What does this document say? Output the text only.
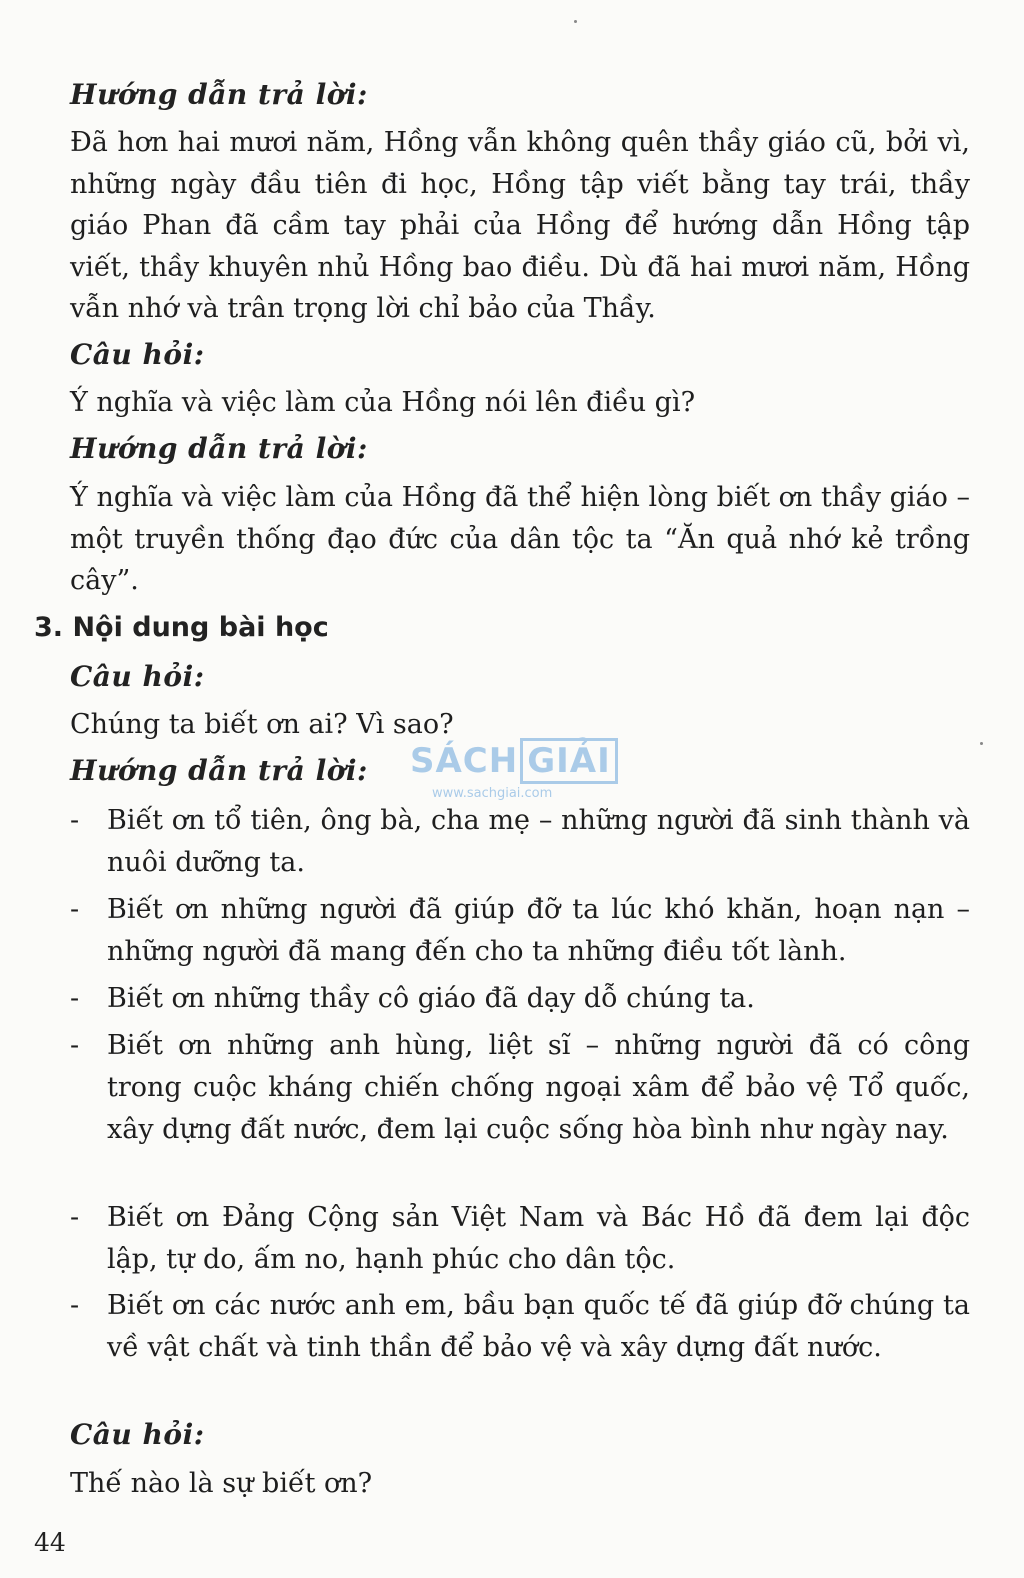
Hướng dẫn trả lời:
Đã hơn hai mươi năm, Hồng vẫn không quên thầy giáo cũ, bởi vì, những ngày đầu tiên đi học, Hồng tập viết bằng tay trái, thầy giáo Phan đã cầm tay phải của Hồng để hướng dẫn Hồng tập viết, thầy khuyên nhủ Hồng bao điều. Dù đã hai mươi năm, Hồng vẫn nhớ và trân trọng lời chỉ bảo của Thầy.
Câu hỏi:
Ý nghĩa và việc làm của Hồng nói lên điều gì?
Hướng dẫn trả lời:
Ý nghĩa và việc làm của Hồng đã thể hiện lòng biết ơn thầy giáo – một truyền thống đạo đức của dân tộc ta “Ăn quả nhớ kẻ trồng cây”.
3. Nội dung bài học
Câu hỏi:
Chúng ta biết ơn ai? Vì sao?
Hướng dẫn trả lời:
-	Biết ơn tổ tiên, ông bà, cha mẹ – những người đã sinh thành và nuôi dưỡng ta.
-	Biết ơn những người đã giúp đỡ ta lúc khó khăn, hoạn nạn – những người đã mang đến cho ta những điều tốt lành.
-	Biết ơn những thầy cô giáo đã dạy dỗ chúng ta.
-	Biết ơn những anh hùng, liệt sĩ – những người đã có công trong cuộc kháng chiến chống ngoại xâm để bảo vệ Tổ quốc, xây dựng đất nước, đem lại cuộc sống hòa bình như ngày nay.
-	Biết ơn Đảng Cộng sản Việt Nam và Bác Hồ đã đem lại độc lập, tự do, ấm no, hạnh phúc cho dân tộc.
-	Biết ơn các nước anh em, bầu bạn quốc tế đã giúp đỡ chúng ta về vật chất và tinh thần để bảo vệ và xây dựng đất nước.
Câu hỏi:
Thế nào là sự biết ơn?
44
SÁCH GIẢI
www.sachgiai.com
